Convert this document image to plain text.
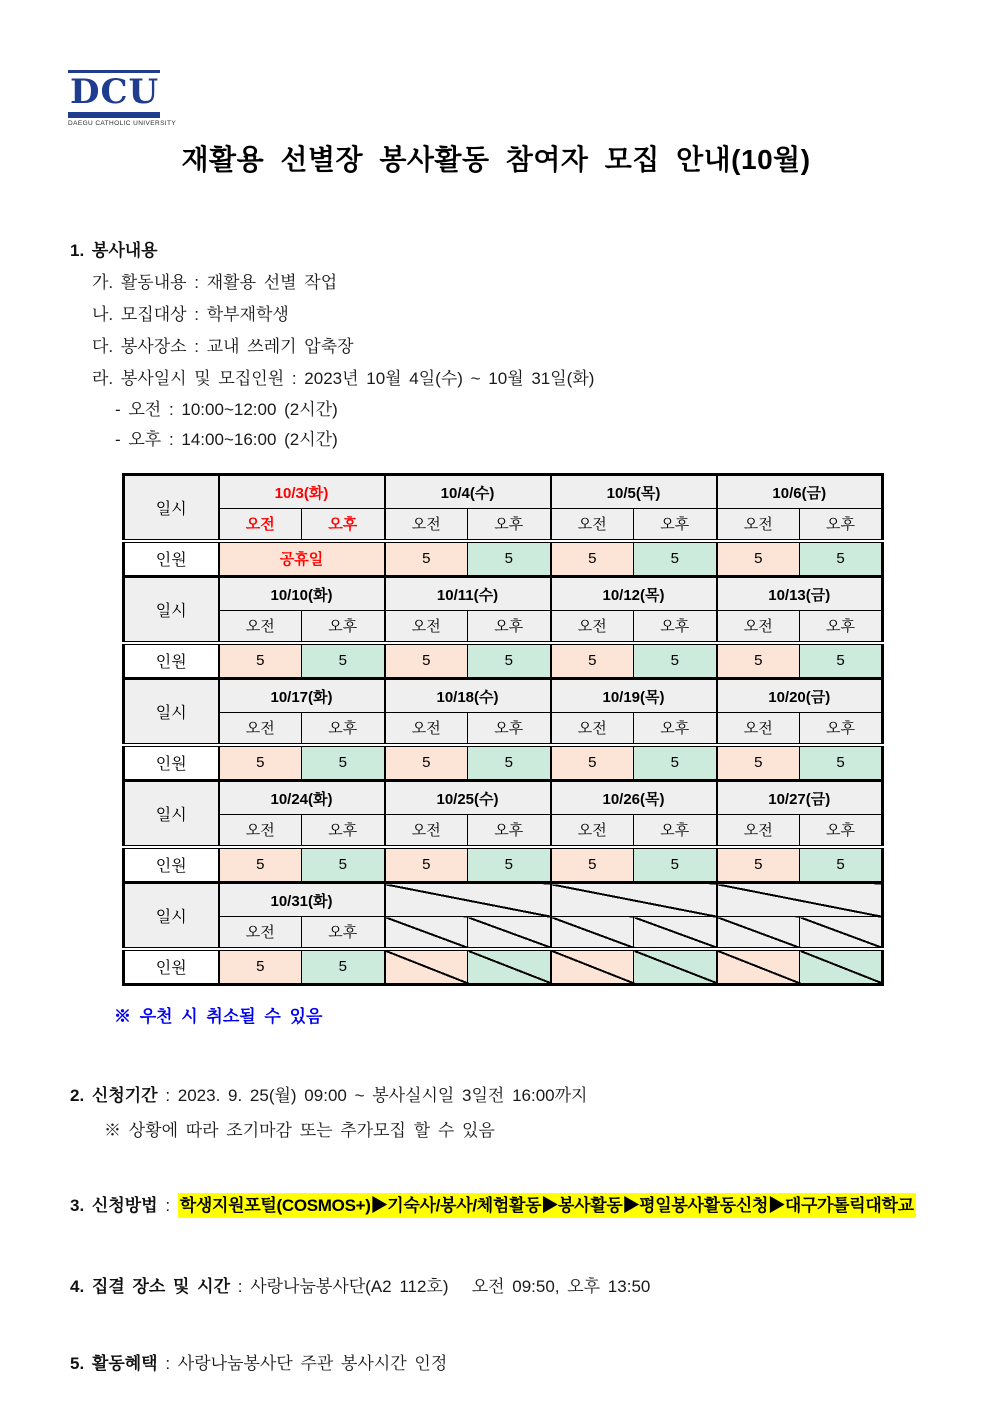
DCU
DAEGU CATHOLIC UNIVERSITY
재활용 선별장 봉사활동 참여자 모집 안내(10월)
1. 봉사내용
가. 활동내용 : 재활용 선별 작업
나. 모집대상 : 학부재학생
다. 봉사장소 : 교내 쓰레기 압축장
라. 봉사일시 및 모집인원 : 2023년 10월 4일(수) ~ 10월 31일(화)
- 오전 : 10:00~12:00 (2시간)
- 오후 : 14:00~16:00 (2시간)
일시	10/3(화)		10/4(수)		10/5(목)		10/6(금)	
	오전	오후	오전	오후	오전	오후	오전	오후
인원	공휴일		5	5	5	5	5	5
일시	10/10(화)		10/11(수)		10/12(목)		10/13(금)	
	오전	오후	오전	오후	오전	오후	오전	오후
인원	5	5	5	5	5	5	5	5
일시	10/17(화)		10/18(수)		10/19(목)		10/20(금)	
	오전	오후	오전	오후	오전	오후	오전	오후
인원	5	5	5	5	5	5	5	5
일시	10/24(화)		10/25(수)		10/26(목)		10/27(금)	
	오전	오후	오전	오후	오전	오후	오전	오후
인원	5	5	5	5	5	5	5	5
일시	10/31(화)							
	오전	오후						
인원	5	5						
※ 우천 시 취소될 수 있음
2. 신청기간 : 2023. 9. 25(월) 09:00 ~ 봉사실시일 3일전 16:00까지
※ 상황에 따라 조기마감 또는 추가모집 할 수 있음
3. 신청방법 : 학생지원포털(COSMOS+)▶기숙사/봉사/체험활동▶봉사활동▶평일봉사활동신청▶대구가톨릭대학교
4. 집결 장소 및 시간 : 사랑나눔봉사단(A2 112호)   오전 09:50, 오후 13:50
5. 활동혜택 : 사랑나눔봉사단 주관 봉사시간 인정
